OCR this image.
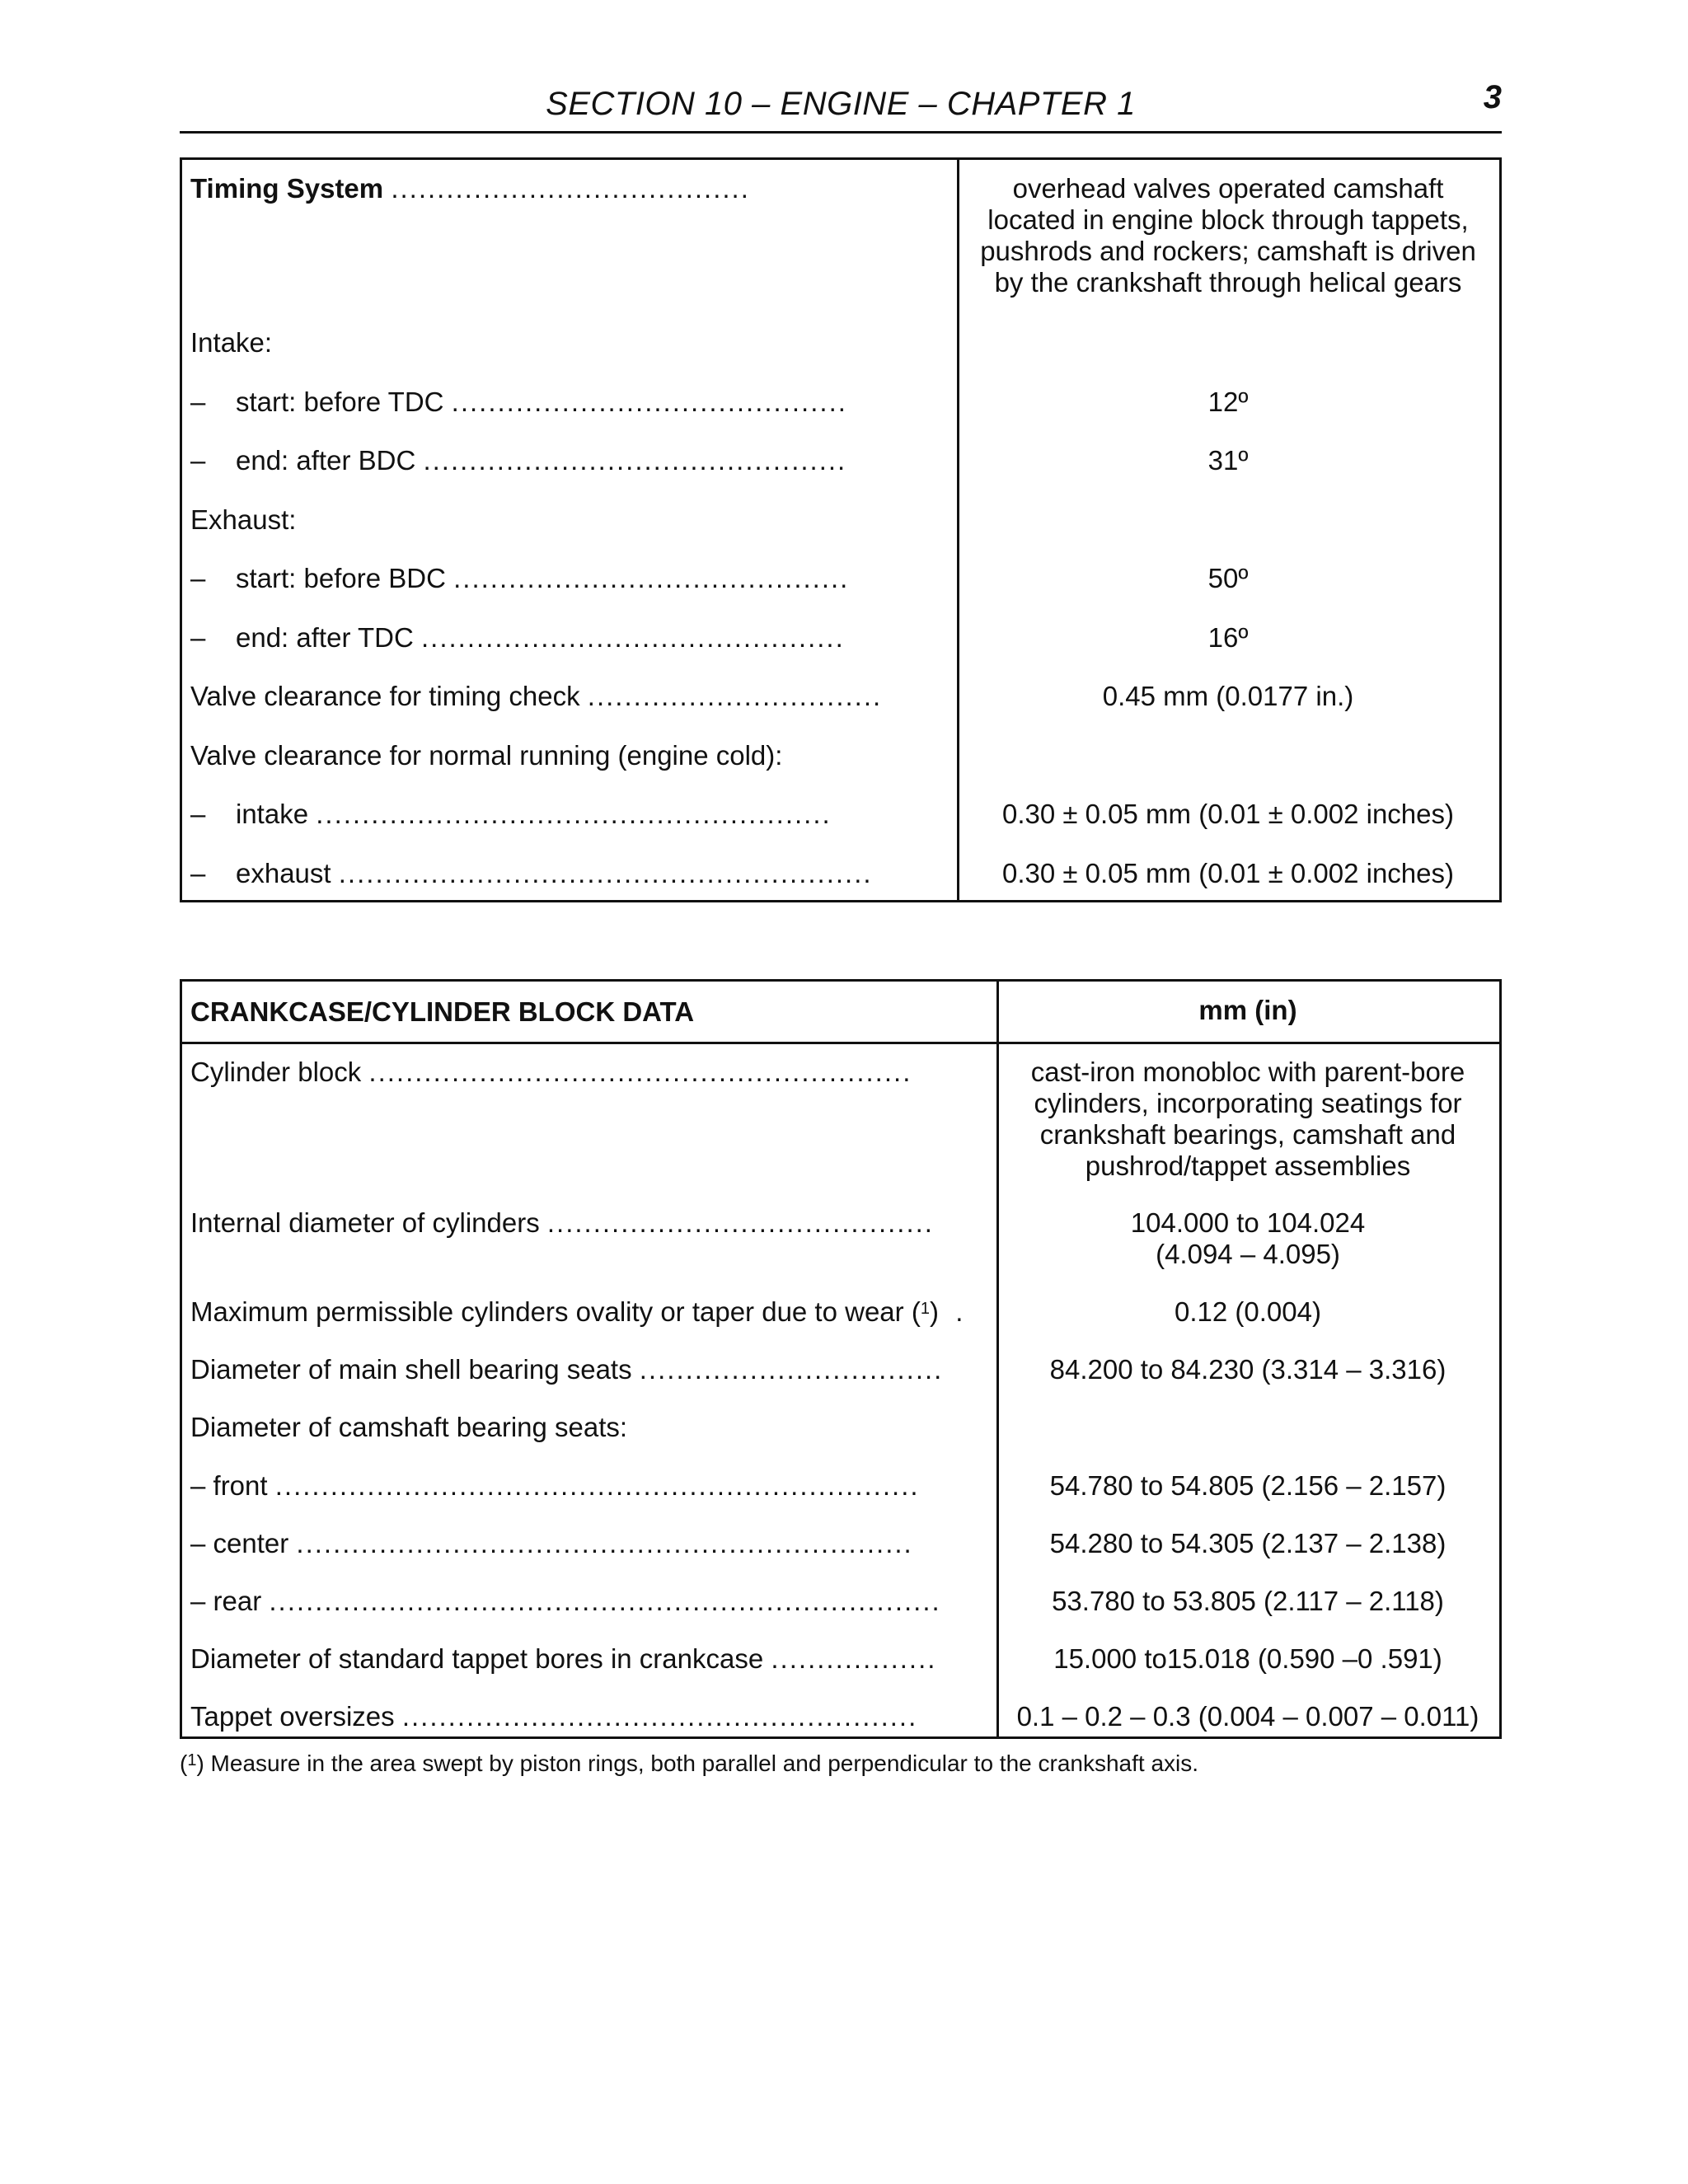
SECTION 10 – ENGINE – CHAPTER 1	3
Timing System .......................................	overhead valves operated camshaft located in engine block through tappets, pushrods and rockers; camshaft is driven by the crankshaft through helical gears
Intake:
– start: before TDC ...........................................	12º
– end: after BDC ..............................................	31º
Exhaust:
– start: before BDC ...........................................	50º
– end: after TDC ..............................................	16º
Valve clearance for timing check ................................	0.45 mm (0.0177 in.)
Valve clearance for normal running (engine cold):
– intake ........................................................	0.30 ± 0.05 mm (0.01 ± 0.002 inches)
– exhaust ..........................................................	0.30 ± 0.05 mm (0.01 ± 0.002 inches)
CRANKCASE/CYLINDER BLOCK DATA	mm (in)
Cylinder block ...........................................................	cast-iron monobloc with parent-bore cylinders, incorporating seatings for crankshaft bearings, camshaft and pushrod/tappet assemblies
Internal diameter of cylinders ..........................................	104.000 to 104.024
(4.094 – 4.095)
Maximum permissible cylinders ovality or taper due to wear ($^1$)  .	0.12 (0.004)
Diameter of main shell bearing seats .................................	84.200 to 84.230 (3.314 – 3.316)
Diameter of camshaft bearing seats:
– front ......................................................................	54.780 to 54.805 (2.156 – 2.157)
– center ...................................................................	54.280 to 54.305 (2.137 – 2.138)
– rear .........................................................................	53.780 to 53.805 (2.117 – 2.118)
Diameter of standard tappet bores in crankcase ..................	15.000 to15.018 (0.590 –0 .591)
Tappet oversizes ........................................................	0.1 – 0.2 – 0.3 (0.004 – 0.007 – 0.011)
($^1$) Measure in the area swept by piston rings, both parallel and perpendicular to the crankshaft axis.
